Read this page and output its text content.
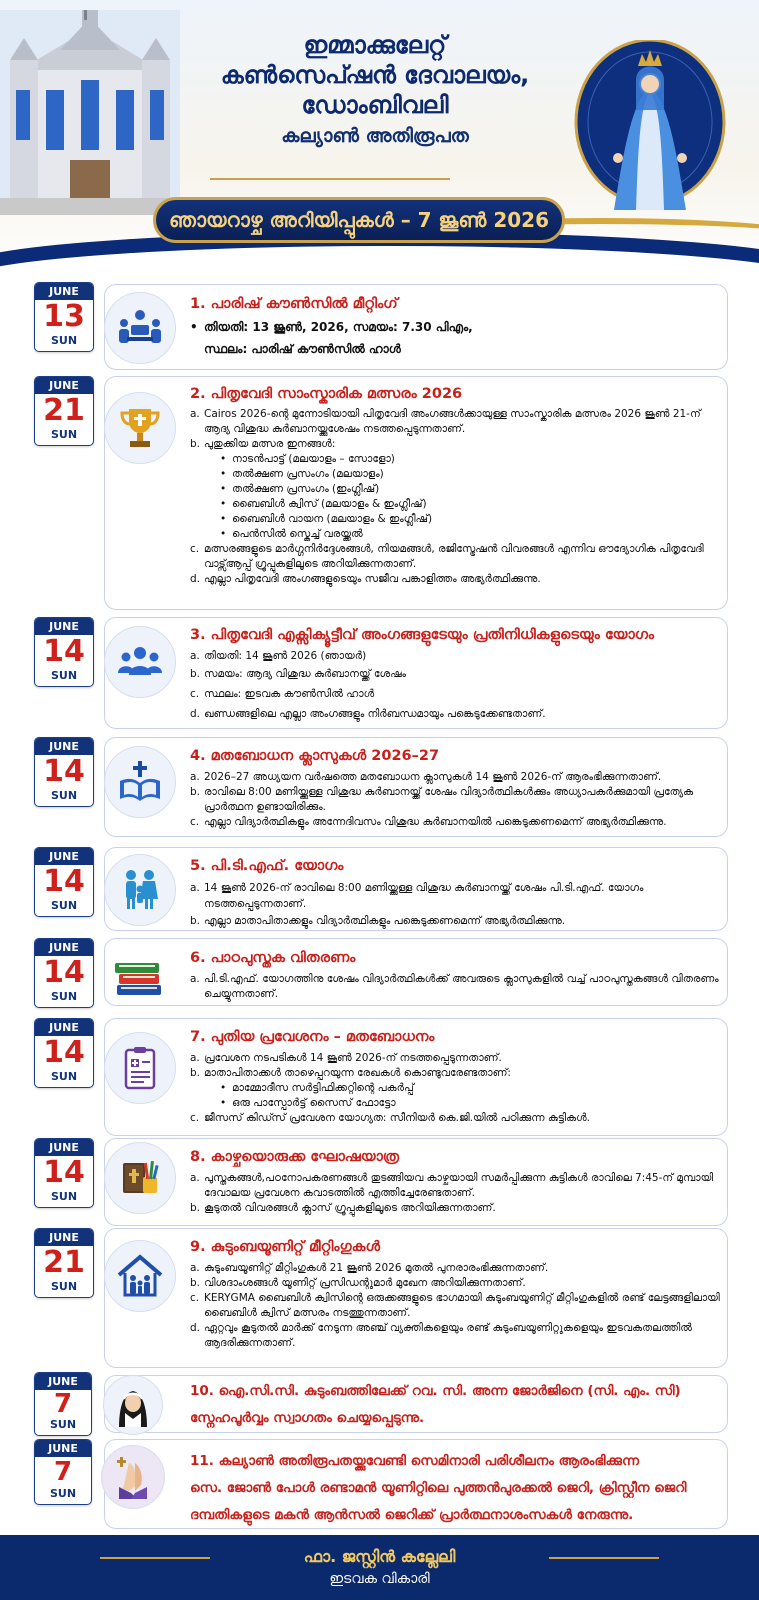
ഇമ്മാക്കുലേറ്റ്
കൺസെപ്ഷൻ ദേവാലയം,
ഡോംബിവലി
കല്യാൺ അതിരൂപത
ഞായറാഴ്ച അറിയിപ്പുകൾ – 7 ജൂൺ 2026
JUNE
13
SUN
1. പാരിഷ് കൗൺസിൽ മീറ്റിംഗ്
• തിയതി: 13 ജൂൺ, 2026, സമയം: 7.30 പിഎം,
സ്ഥലം: പാരിഷ് കൗൺസിൽ ഹാൾ
JUNE
21
SUN
2. പിതൃവേദി സാംസ്കാരിക മത്സരം 2026
a. Cairos 2026-ന്റെ മുന്നോടിയായി പിതൃവേദി അംഗങ്ങൾക്കായുള്ള സാംസ്കാരിക മത്സരം 2026 ജൂൺ 21-ന് ആദ്യ വിശുദ്ധ കുർബാനയ്ക്കുശേഷം നടത്തപ്പെടുന്നതാണ്.
b. പുതുക്കിയ മത്സര ഇനങ്ങൾ:
• നാടൻപാട്ട് (മലയാളം – സോളോ)
• തൽക്ഷണ പ്രസംഗം (മലയാളം)
• തൽക്ഷണ പ്രസംഗം (ഇംഗ്ലീഷ്)
• ബൈബിൾ ക്വിസ് (മലയാളം & ഇംഗ്ലീഷ്)
• ബൈബിൾ വായന (മലയാളം & ഇംഗ്ലീഷ്)
• പെൻസിൽ സ്കെച്ച് വരയ്ക്കൽ
c. മത്സരങ്ങളുടെ മാർഗ്ഗനിർദ്ദേശങ്ങൾ, നിയമങ്ങൾ, രജിസ്ട്രേഷൻ വിവരങ്ങൾ എന്നിവ ഔദ്യോഗിക പിതൃവേദി വാട്സ്ആപ്പ് ഗ്രൂപ്പുകളിലൂടെ അറിയിക്കുന്നതാണ്.
d. എല്ലാ പിതൃവേദി അംഗങ്ങളുടെയും സജീവ പങ്കാളിത്തം അഭ്യർത്ഥിക്കുന്നു.
JUNE
14
SUN
3. പിതൃവേദി എക്സിക്യൂട്ടീവ് അംഗങ്ങളുടേയും പ്രതിനിധികളുടെയും യോഗം
a. തിയതി: 14 ജൂൺ 2026 (ഞായർ)
b. സമയം: ആദ്യ വിശുദ്ധ കുർബാനയ്ക്ക് ശേഷം
c. സ്ഥലം: ഇടവക കൗൺസിൽ ഹാൾ
d. ഖണ്ഡങ്ങളിലെ എല്ലാ അംഗങ്ങളും നിർബന്ധമായും പങ്കെടുക്കേണ്ടതാണ്.
JUNE
14
SUN
4. മതബോധന ക്ലാസുകൾ 2026–27
a. 2026–27 അധ്യയന വർഷത്തെ മതബോധന ക്ലാസുകൾ 14 ജൂൺ 2026-ന് ആരംഭിക്കുന്നതാണ്.
b. രാവിലെ 8:00 മണിയ്ക്കുള്ള വിശുദ്ധ കുർബാനയ്ക്ക് ശേഷം വിദ്യാർത്ഥികൾക്കും അധ്യാപകർക്കുമായി പ്രത്യേക പ്രാർത്ഥന ഉണ്ടായിരിക്കും.
c. എല്ലാ വിദ്യാർത്ഥികളും അന്നേദിവസം വിശുദ്ധ കുർബാനയിൽ പങ്കെടുക്കണമെന്ന് അഭ്യർത്ഥിക്കുന്നു.
JUNE
14
SUN
5. പി.ടി.എഫ്. യോഗം
a. 14 ജൂൺ 2026-ന് രാവിലെ 8:00 മണിയ്ക്കുള്ള വിശുദ്ധ കുർബാനയ്ക്ക് ശേഷം പി.ടി.എഫ്. യോഗം നടത്തപ്പെടുന്നതാണ്.
b. എല്ലാ മാതാപിതാക്കളും വിദ്യാർത്ഥികളും പങ്കെടുക്കണമെന്ന് അഭ്യർത്ഥിക്കുന്നു.
JUNE
14
SUN
6. പാഠപുസ്തക വിതരണം
a. പി.ടി.എഫ്. യോഗത്തിനു ശേഷം വിദ്യാർത്ഥികൾക്ക് അവരുടെ ക്ലാസുകളിൽ വച്ച് പാഠപുസ്തകങ്ങൾ വിതരണം ചെയ്യുന്നതാണ്.
JUNE
14
SUN
7. പുതിയ പ്രവേശനം – മതബോധനം
a. പ്രവേശന നടപടികൾ 14 ജൂൺ 2026-ന് നടത്തപ്പെടുന്നതാണ്.
b. മാതാപിതാക്കൾ താഴെപ്പറയുന്ന രേഖകൾ കൊണ്ടുവരേണ്ടതാണ്:
• മാമ്മോദീസ സർട്ടിഫിക്കറ്റിന്റെ പകർപ്പ്
• ഒരു പാസ്പോർട്ട് സൈസ് ഫോട്ടോ
c. ജീസസ് കിഡ്സ് പ്രവേശന യോഗ്യത: സീനിയർ കെ.ജി.യിൽ പഠിക്കുന്ന കുട്ടികൾ.
JUNE
14
SUN
8. കാഴ്ചയൊരുക്ക ഘോഷയാത്ര
a. പുസ്തകങ്ങൾ,പഠനോപകരണങ്ങൾ തുടങ്ങിയവ കാഴ്ചയായി സമർപ്പിക്കുന്ന കുട്ടികൾ രാവിലെ 7:45-ന് മുമ്പായി ദേവാലയ പ്രവേശന കവാടത്തിൽ എത്തിച്ചേരേണ്ടതാണ്.
b. കൂടുതൽ വിവരങ്ങൾ ക്ലാസ് ഗ്രൂപ്പുകളിലൂടെ അറിയിക്കുന്നതാണ്.
JUNE
21
SUN
9. കുടുംബയൂണിറ്റ് മീറ്റിംഗുകൾ
a. കുടുംബയൂണിറ്റ് മീറ്റിംഗുകൾ 21 ജൂൺ 2026 മുതൽ പുനരാരംഭിക്കുന്നതാണ്.
b. വിശദാംശങ്ങൾ യൂണിറ്റ് പ്രസിഡന്റുമാർ മുഖേന അറിയിക്കുന്നതാണ്.
c. KERYGMA ബൈബിൾ ക്വിസിന്റെ ഒരുക്കങ്ങളുടെ ഭാഗമായി കുടുംബയൂണിറ്റ് മീറ്റിംഗുകളിൽ രണ്ട് ലേട്ടങ്ങളിലായി ബൈബിൾ ക്വിസ് മത്സരം നടത്തുന്നതാണ്.
d. ഏറ്റവും കൂടുതൽ മാർക്ക് നേടുന്ന അഞ്ച് വ്യക്തികളെയും രണ്ട് കുടുംബയൂണിറ്റുകളെയും ഇടവകതലത്തിൽ ആദരിക്കുന്നതാണ്.
JUNE
7
SUN
10. ഐ.സി.സി. കുടുംബത്തിലേക്ക് റവ. സി. അന്ന ജോർജിനെ (സി. എം. സി)
സ്നേഹപൂർവ്വം സ്വാഗതം ചെയ്യപ്പെടുന്നു.
JUNE
7
SUN
11. കല്യാൺ അതിരൂപതയ്ക്കുവേണ്ടി സെമിനാരി പരിശീലനം ആരംഭിക്കുന്ന
സെ. ജോൺ പോൾ രണ്ടാമൻ യൂണിറ്റിലെ പുത്തൻപുരക്കൽ ജെറി, ക്രിസ്റ്റീന ജെറി
ദമ്പതികളുടെ മകൻ ആൻസൽ ജെറിക്ക് പ്രാർത്ഥനാശംസകൾ നേരുന്നു.
ഫാ. ജസ്റ്റിൻ കല്ലേലി
ഇടവക വികാരി
